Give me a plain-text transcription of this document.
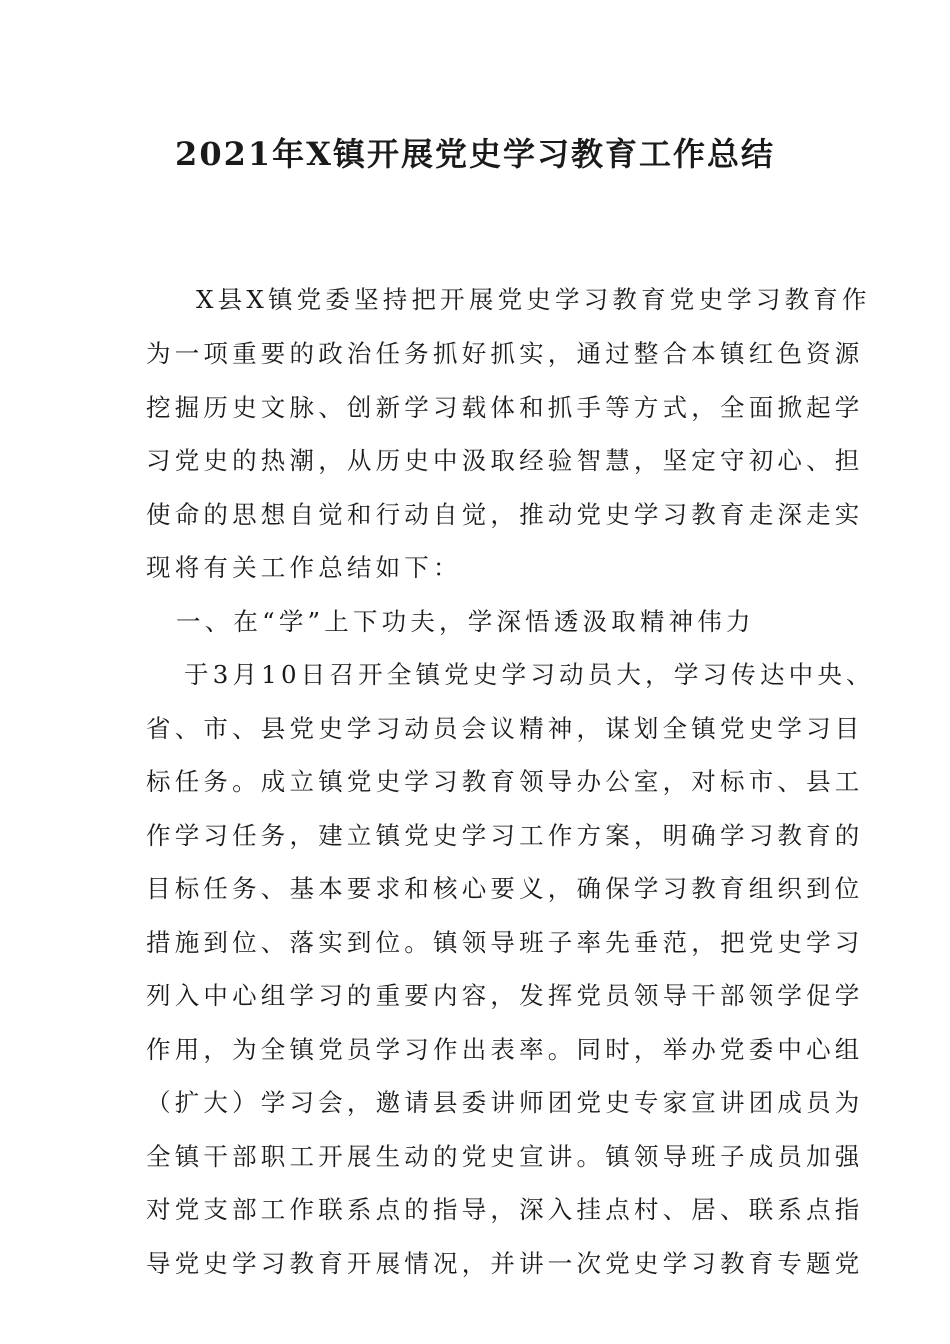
2021年X镇开展党史学习教育工作总结

X县X镇党委坚持把开展党史学习教育党史学习教育作

为一项重要的政治任务抓好抓实，通过整合本镇红色资源

挖掘历史文脉、创新学习载体和抓手等方式，全面掀起学

习党史的热潮，从历史中汲取经验智慧，坚定守初心、担

使命的思想自觉和行动自觉，推动党史学习教育走深走实

现将有关工作总结如下：

一、在“学”上下功夫，学深悟透汲取精神伟力

于3月10日召开全镇党史学习动员大，学习传达中央、

省、市、县党史学习动员会议精神，谋划全镇党史学习目

标任务。成立镇党史学习教育领导办公室，对标市、县工

作学习任务，建立镇党史学习工作方案，明确学习教育的

目标任务、基本要求和核心要义，确保学习教育组织到位

措施到位、落实到位。镇领导班子率先垂范，把党史学习

列入中心组学习的重要内容，发挥党员领导干部领学促学

作用，为全镇党员学习作出表率。同时，举办党委中心组

（扩大）学习会，邀请县委讲师团党史专家宣讲团成员为

全镇干部职工开展生动的党史宣讲。镇领导班子成员加强

对党支部工作联系点的指导，深入挂点村、居、联系点指

导党史学习教育开展情况，并讲一次党史学习教育专题党
